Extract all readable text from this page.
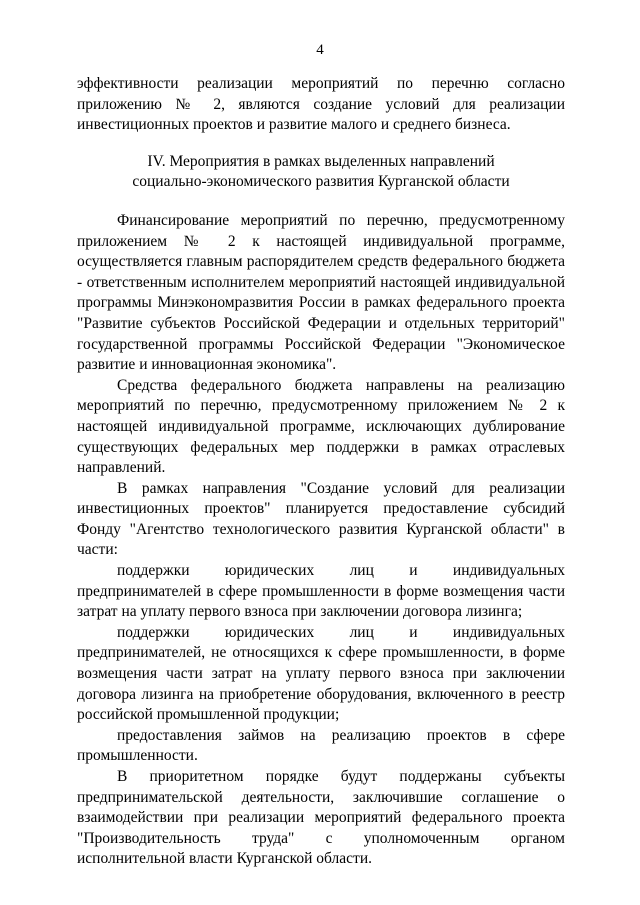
4

эффективности реализации мероприятий по перечню согласно приложению № 2, являются создание условий для реализации инвестиционных проектов и развитие малого и среднего бизнеса.

IV. Мероприятия в рамках выделенных направлений
социально-экономического развития Курганской области

Финансирование мероприятий по перечню, предусмотренному приложением № 2 к настоящей индивидуальной программе, осуществляется главным распорядителем средств федерального бюджета - ответственным исполнителем мероприятий настоящей индивидуальной программы Минэкономразвития России в рамках федерального проекта "Развитие субъектов Российской Федерации и отдельных территорий" государственной программы Российской Федерации "Экономическое развитие и инновационная экономика".

Средства федерального бюджета направлены на реализацию мероприятий по перечню, предусмотренному приложением № 2 к настоящей индивидуальной программе, исключающих дублирование существующих федеральных мер поддержки в рамках отраслевых направлений.

В рамках направления "Создание условий для реализации инвестиционных проектов" планируется предоставление субсидий Фонду "Агентство технологического развития Курганской области" в части:

поддержки юридических лиц и индивидуальных предпринимателей в сфере промышленности в форме возмещения части затрат на уплату первого взноса при заключении договора лизинга;

поддержки юридических лиц и индивидуальных предпринимателей, не относящихся к сфере промышленности, в форме возмещения части затрат на уплату первого взноса при заключении договора лизинга на приобретение оборудования, включенного в реестр российской промышленной продукции;

предоставления займов на реализацию проектов в сфере промышленности.

В приоритетном порядке будут поддержаны субъекты предпринимательской деятельности, заключившие соглашение о взаимодействии при реализации мероприятий федерального проекта "Производительность труда" с уполномоченным органом исполнительной власти Курганской области.
